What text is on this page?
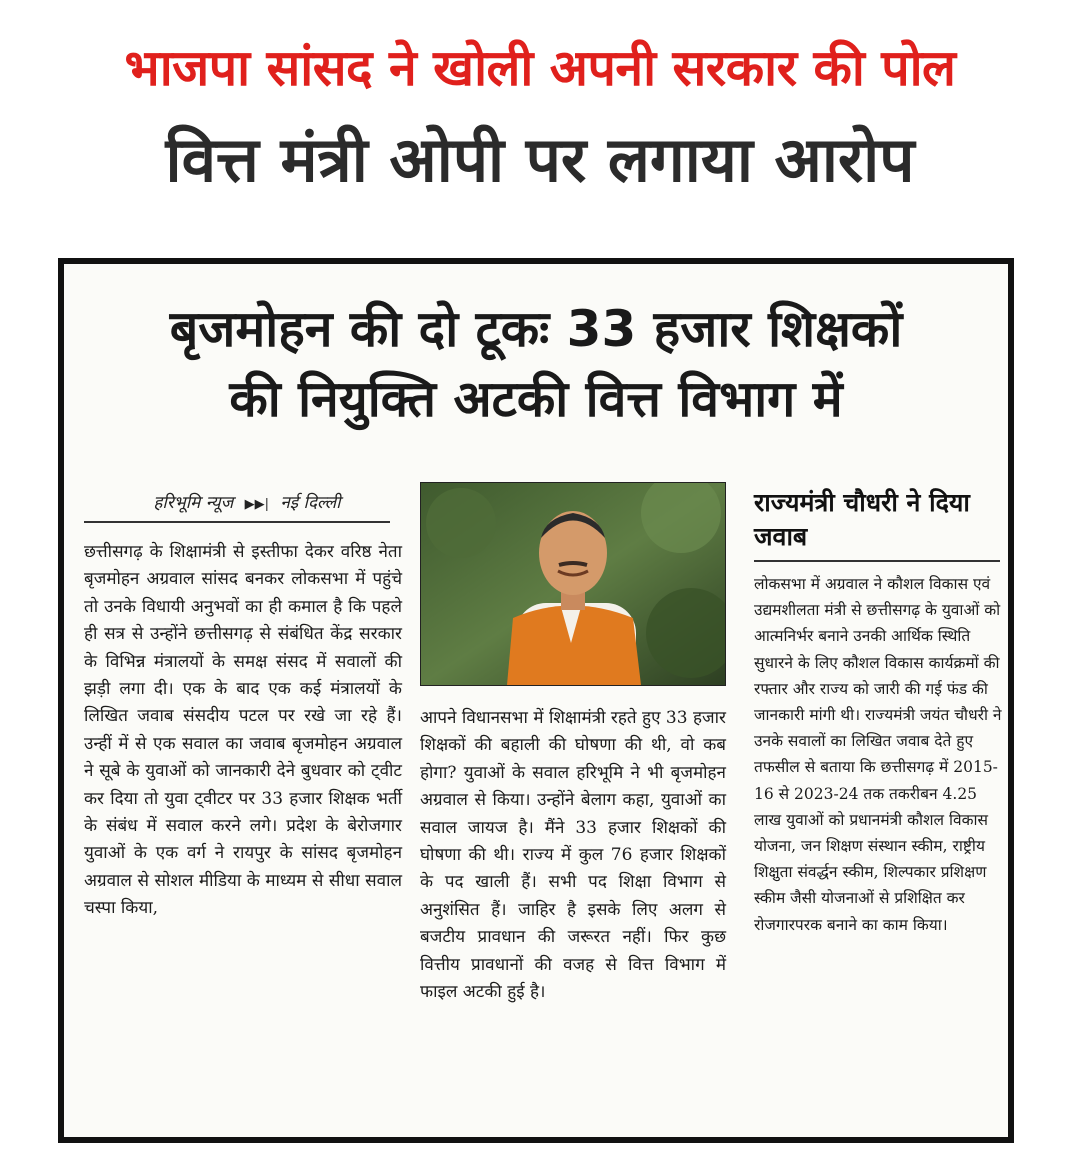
भाजपा सांसद ने खोली अपनी सरकार की पोल
वित्त मंत्री ओपी पर लगाया आरोप
बृजमोहन की दो टूकः 33 हजार शिक्षकों
की नियुक्ति अटकी वित्त विभाग में
हरिभूमि न्यूज ▶▶| नई दिल्ली
छत्तीसगढ़ के शिक्षामंत्री से इस्तीफा देकर वरिष्ठ नेता बृजमोहन अग्रवाल सांसद बनकर लोकसभा में पहुंचे तो उनके विधायी अनुभवों का ही कमाल है कि पहले ही सत्र से उन्होंने छत्तीसगढ़ से संबंधित केंद्र सरकार के विभिन्न मंत्रालयों के समक्ष संसद में सवालों की झड़ी लगा दी। एक के बाद एक कई मंत्रालयों के लिखित जवाब संसदीय पटल पर रखे जा रहे हैं। उन्हीं में से एक सवाल का जवाब बृजमोहन अग्रवाल ने सूबे के युवाओं को जानकारी देने बुधवार को ट्वीट कर दिया तो युवा ट्वीटर पर 33 हजार शिक्षक भर्ती के संबंध में सवाल करने लगे। प्रदेश के बेरोजगार युवाओं के एक वर्ग ने रायपुर के सांसद बृजमोहन अग्रवाल से सोशल मीडिया के माध्यम से सीधा सवाल चस्पा किया,
आपने विधानसभा में शिक्षामंत्री रहते हुए 33 हजार शिक्षकों की बहाली की घोषणा की थी, वो कब होगा? युवाओं के सवाल हरिभूमि ने भी बृजमोहन अग्रवाल से किया। उन्होंने बेलाग कहा, युवाओं का सवाल जायज है। मैंने 33 हजार शिक्षकों की घोषणा की थी। राज्य में कुल 76 हजार शिक्षकों के पद खाली हैं। सभी पद शिक्षा विभाग से अनुशंसित हैं। जाहिर है इसके लिए अलग से बजटीय प्रावधान की जरूरत नहीं। फिर कुछ वित्तीय प्रावधानों की वजह से वित्त विभाग में फाइल अटकी हुई है।
राज्यमंत्री चौधरी ने दिया जवाब
लोकसभा में अग्रवाल ने कौशल विकास एवं उद्यमशीलता मंत्री से छत्तीसगढ़ के युवाओं को आत्मनिर्भर बनाने उनकी आर्थिक स्थिति सुधारने के लिए कौशल विकास कार्यक्रमों की रफ्तार और राज्य को जारी की गई फंड की जानकारी मांगी थी। राज्यमंत्री जयंत चौधरी ने उनके सवालों का लिखित जवाब देते हुए तफसील से बताया कि छत्तीसगढ़ में 2015-16 से 2023-24 तक तकरीबन 4.25 लाख युवाओं को प्रधानमंत्री कौशल विकास योजना, जन शिक्षण संस्थान स्कीम, राष्ट्रीय शिक्षुता संवर्द्धन स्कीम, शिल्पकार प्रशिक्षण स्कीम जैसी योजनाओं से प्रशिक्षित कर रोजगारपरक बनाने का काम किया।
